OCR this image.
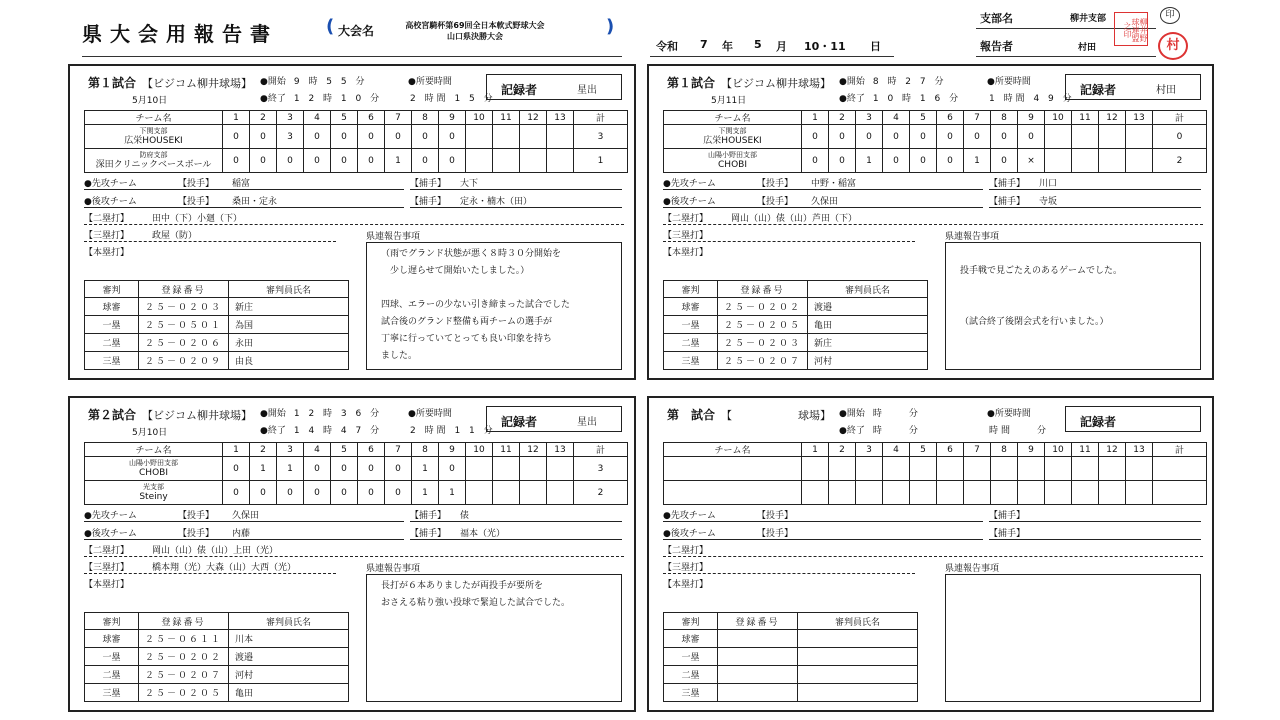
県大会用報告書	( 大会名	高校宮騎杯第69回全日本軟式野球大会
山口県決勝大会	)
令和 7 年 5 月 10・11 日
支部名	柳井支部
報告者	村田
柳井野球連盟之印
印
村
第１試合 【ビジコム柳井球場】
5月10日
●開始 9 時 5 5 分
●終了 1 2 時 1 0 分
●所要時間
2 時間 1 5 分
記録者	星出
チーム名	1	2	3	4	5	6	7	8	9	10	11	12	13	計

下関支部
広栄HOUSEKI	0	0	3	0	0	0	0	0	0					3

防府支部
深田クリニックベースボール	0	0	0	0	0	0	1	0	0					1
●先攻チーム	【投手】 稲富	【捕手】 大下
●後攻チーム	【投手】 桑田・定永	【捕手】 定永・楠木（田）
【二塁打】	田中（下）小廻（下）
【三塁打】	政屋（防）
【本塁打】
県連報告事項
（雨でグランド状態が悪く８時３０分開始を
　少し遅らせて開始いたしました。）
四球、エラーの少ない引き締まった試合でした
試合後のグランド整備も両チームの選手が
丁寧に行っていてとっても良い印象を持ち
ました。
審判	登録番号	審判員氏名
球審	２５－０２０３	新庄
一塁	２５－０５０１	為国
二塁	２５－０２０６	永田
三塁	２５－０２０９	由良
第１試合 【ビジコム柳井球場】
5月11日
●開始 8 時 2 7 分
●終了 1 0 時 1 6 分
●所要時間
1 時間 4 9 分
記録者	村田
チーム名	1	2	3	4	5	6	7	8	9	10	11	12	13	計

下関支部
広栄HOUSEKI	0	0	0	0	0	0	0	0	0					0

山陽小野田支部
CHOBI	0	0	1	0	0	0	1	0	×					2
●先攻チーム	【投手】 中野・稲富	【捕手】 川口
●後攻チーム	【投手】 久保田	【捕手】 寺坂
【二塁打】	岡山（山）俵（山）芦田（下）
【三塁打】
【本塁打】
県連報告事項
投手戦で見ごたえのあるゲームでした。
（試合終了後閉会式を行いました。）
審判	登録番号	審判員氏名
球審	２５－０２０２	渡邉
一塁	２５－０２０５	亀田
二塁	２５－０２０３	新庄
三塁	２５－０２０７	河村
第２試合 【ビジコム柳井球場】
5月10日
●開始 1 2 時 3 6 分
●終了 1 4 時 4 7 分
●所要時間
2 時間 1 1 分
記録者	星出
チーム名	1	2	3	4	5	6	7	8	9	10	11	12	13	計

山陽小野田支部
CHOBI	0	1	1	0	0	0	0	1	0					3

光支部
Steiny	0	0	0	0	0	0	0	1	1					2
●先攻チーム	【投手】 久保田	【捕手】 俵
●後攻チーム	【投手】 内藤	【捕手】 福本（光）
【二塁打】	岡山（山）俵（山）上田（光）
【三塁打】	橋本翔（光）大森（山）大西（光）
【本塁打】
県連報告事項
長打が６本ありましたが両投手が要所を
おさえる粘り強い投球で緊迫した試合でした。
審判	登録番号	審判員氏名
球審	２５－０６１１	川本
一塁	２５－０２０２	渡邉
二塁	２５－０２０７	河村
三塁	２５－０２０５	亀田
第　試合 【　　　　　　球場】 ●開始 時　　分
●終了 時　　分
●所要時間
時間　　分
記録者
チーム名	1	2	3	4	5	6	7	8	9	10	11	12	13	計

●先攻チーム	【投手】	【捕手】
●後攻チーム	【投手】	【捕手】
【二塁打】
【三塁打】
【本塁打】
県連報告事項
審判	登録番号	審判員氏名
球審		
一塁		
二塁		
三塁		
